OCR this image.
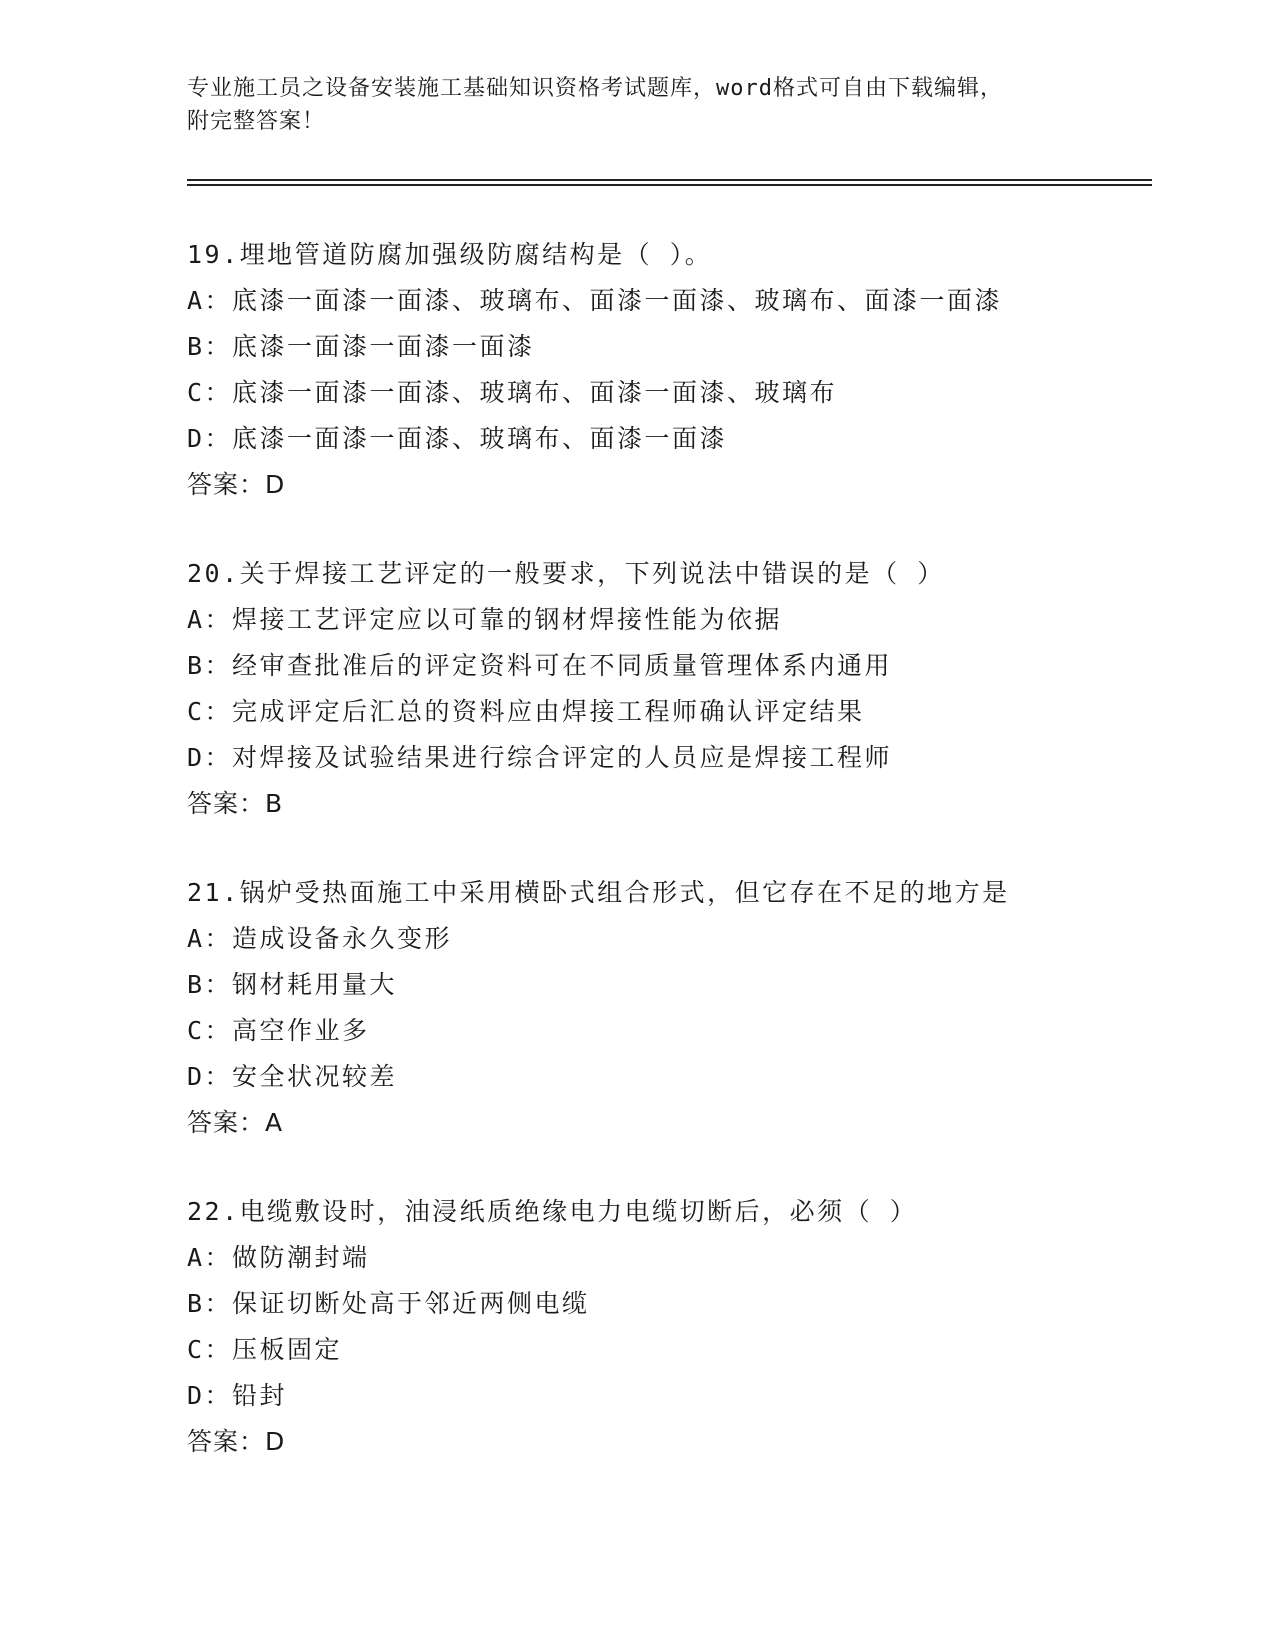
专业施工员之设备安装施工基础知识资格考试题库，word格式可自由下载编辑，
附完整答案！
19.埋地管道防腐加强级防腐结构是（ ）。
A：底漆一面漆一面漆、玻璃布、面漆一面漆、玻璃布、面漆一面漆
B：底漆一面漆一面漆一面漆
C：底漆一面漆一面漆、玻璃布、面漆一面漆、玻璃布
D：底漆一面漆一面漆、玻璃布、面漆一面漆
答案：D
20.关于焊接工艺评定的一般要求，下列说法中错误的是（ ）
A：焊接工艺评定应以可靠的钢材焊接性能为依据
B：经审查批准后的评定资料可在不同质量管理体系内通用
C：完成评定后汇总的资料应由焊接工程师确认评定结果
D：对焊接及试验结果进行综合评定的人员应是焊接工程师
答案：B
21.锅炉受热面施工中采用横卧式组合形式，但它存在不足的地方是
A：造成设备永久变形
B：钢材耗用量大
C：高空作业多
D：安全状况较差
答案：A
22.电缆敷设时，油浸纸质绝缘电力电缆切断后，必须（ ）
A：做防潮封端
B：保证切断处高于邻近两侧电缆
C：压板固定
D：铅封
答案：D
